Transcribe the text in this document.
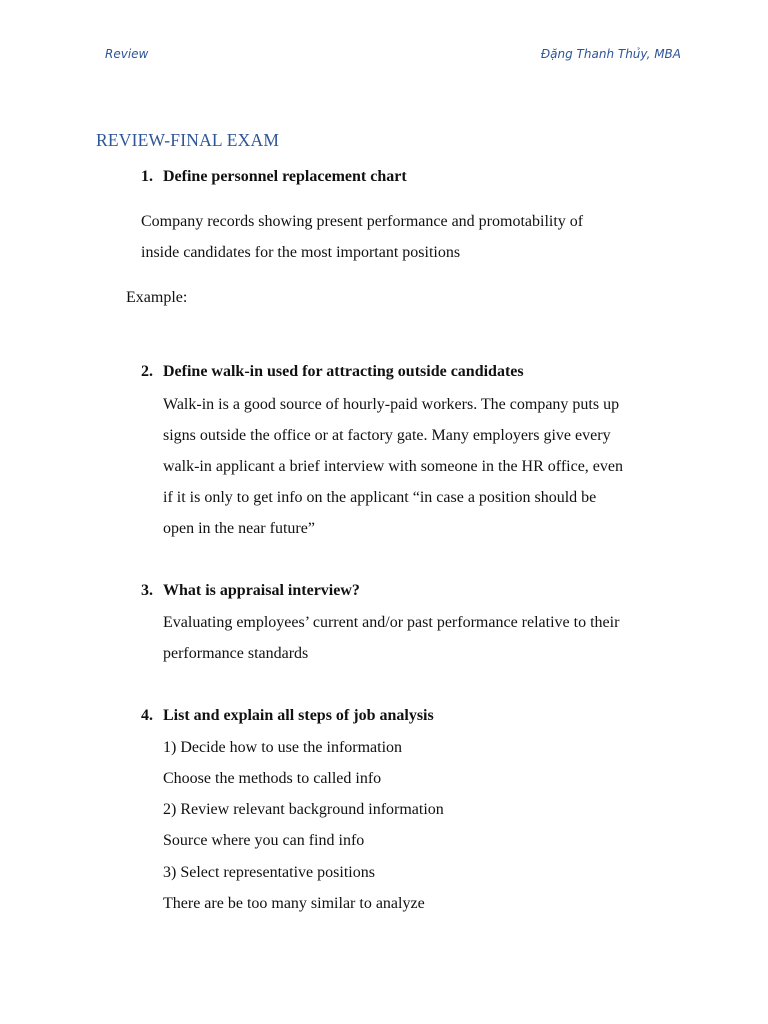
Review	Đặng Thanh Thủy, MBA
REVIEW-FINAL EXAM
1. Define personnel replacement chart
Company records showing present performance and promotability of
inside candidates for the most important positions
Example:
2. Define walk-in used for attracting outside candidates
Walk-in is a good source of hourly-paid workers. The company puts up
signs outside the office or at factory gate. Many employers give every
walk-in applicant a brief interview with someone in the HR office, even
if it is only to get info on the applicant “in case a position should be
open in the near future”
3. What is appraisal interview?
Evaluating employees’ current and/or past performance relative to their
performance standards
4. List and explain all steps of job analysis
1) Decide how to use the information
Choose the methods to called info
2) Review relevant background information
Source where you can find info
3) Select representative positions
There are be too many similar to analyze
